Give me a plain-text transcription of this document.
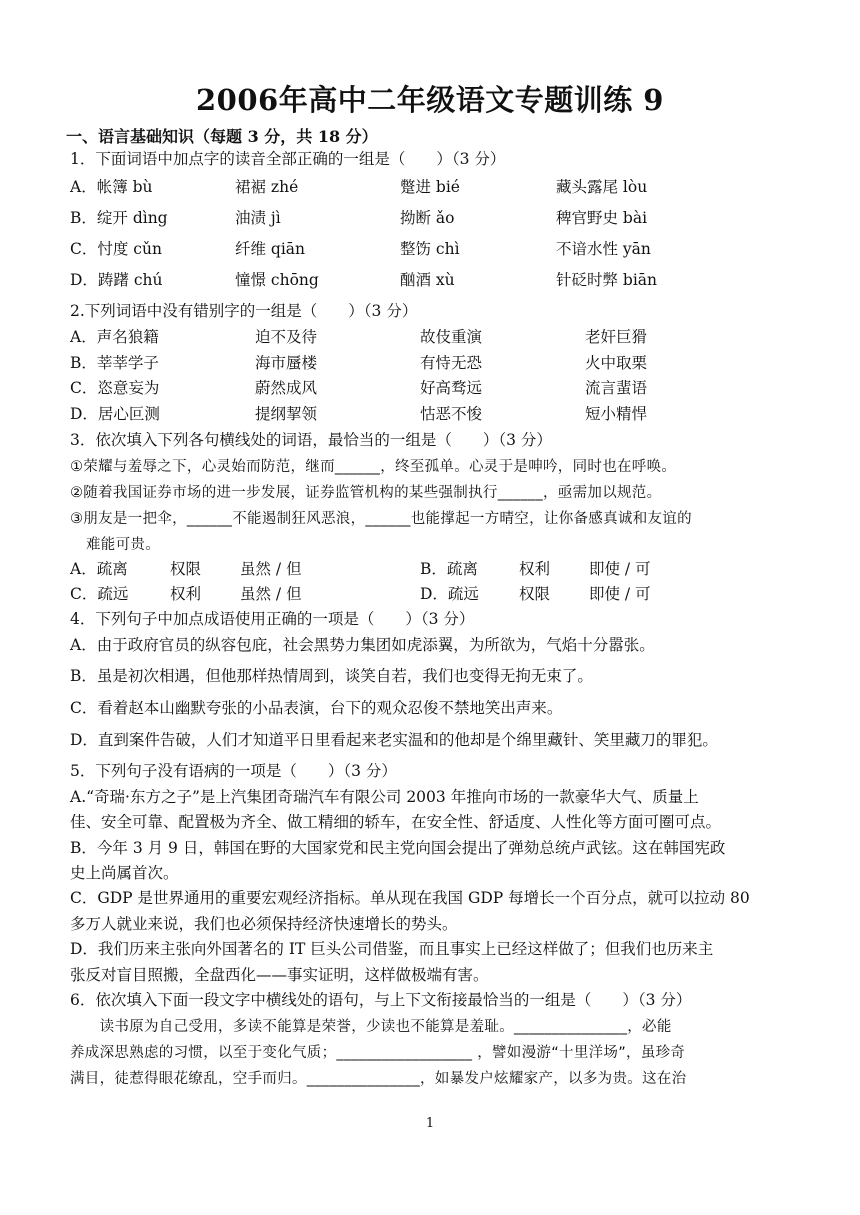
2006年高中二年级语文专题训练 9
一、语言基础知识（每题 3 分，共 18 分）
1．下面词语中加点字的读音全部正确的一组是（　　）（3 分）
A．帐簿 bù	裙裾 zhé	蹩进 bié	藏头露尾 lòu
B．绽开 dìng	油渍 jì	拗断 ǎo	稗官野史 bài
C．忖度 cǔn	纤维 qiān	整饬 chì	不谙水性 yān
D．踌躇 chú	憧憬 chōng	酗酒 xù	针砭时弊 biān
2.下列词语中没有错别字的一组是（　　）（3 分）
A．声名狼籍	迫不及待	故伎重演	老奸巨猾
B．莘莘学子	海市蜃楼	有恃无恐	火中取栗
C．恣意妄为	蔚然成风	好高骛远	流言蜚语
D．居心叵测	提纲挈领	怙恶不悛	短小精悍
3．依次填入下列各句横线处的词语，最恰当的一组是（　　）（3 分）
①荣耀与羞辱之下，心灵始而防范，继而______，终至孤单。心灵于是呻吟，同时也在呼唤。
②随着我国证券市场的进一步发展，证券监管机构的某些强制执行______，亟需加以规范。
③朋友是一把伞，______不能遏制狂风恶浪，______也能撑起一方晴空，让你备感真诚和友谊的
难能可贵。
A．疏离	权限	虽然 / 但	B．疏离	权利	即使 / 可
C．疏远	权利	虽然 / 但	D．疏远	权限	即使 / 可
4．下列句子中加点成语使用正确的一项是（　　）（3 分）
A．由于政府官员的纵容包庇，社会黑势力集团如虎添翼，为所欲为，气焰十分嚣张。
B．虽是初次相遇，但他那样热情周到，谈笑自若，我们也变得无拘无束了。
C．看着赵本山幽默夸张的小品表演，台下的观众忍俊不禁地笑出声来。
D．直到案件告破，人们才知道平日里看起来老实温和的他却是个绵里藏针、笑里藏刀的罪犯。
5．下列句子没有语病的一项是（　　）（3 分）
A.“奇瑞·东方之子”是上汽集团奇瑞汽车有限公司 2003 年推向市场的一款豪华大气、质量上
佳、安全可靠、配置极为齐全、做工精细的轿车，在安全性、舒适度、人性化等方面可圈可点。
B．今年 3 月 9 日，韩国在野的大国家党和民主党向国会提出了弹劾总统卢武铉。这在韩国宪政
史上尚属首次。
C．GDP 是世界通用的重要宏观经济指标。单从现在我国 GDP 每增长一个百分点，就可以拉动 80
多万人就业来说，我们也必须保持经济快速增长的势头。
D．我们历来主张向外国著名的 IT 巨头公司借鉴，而且事实上已经这样做了；但我们也历来主
张反对盲目照搬，全盘西化——事实证明，这样做极端有害。
6．依次填入下面一段文字中横线处的语句，与上下文衔接最恰当的一组是（　　）（3 分）
　　读书原为自己受用，多读不能算是荣誉，少读也不能算是羞耻。_______________，必能
养成深思熟虑的习惯，以至于变化气质；__________________ ，譬如漫游“十里洋场”，虽珍奇
满目，徒惹得眼花缭乱，空手而归。_______________，如暴发户炫耀家产，以多为贵。这在治
1
